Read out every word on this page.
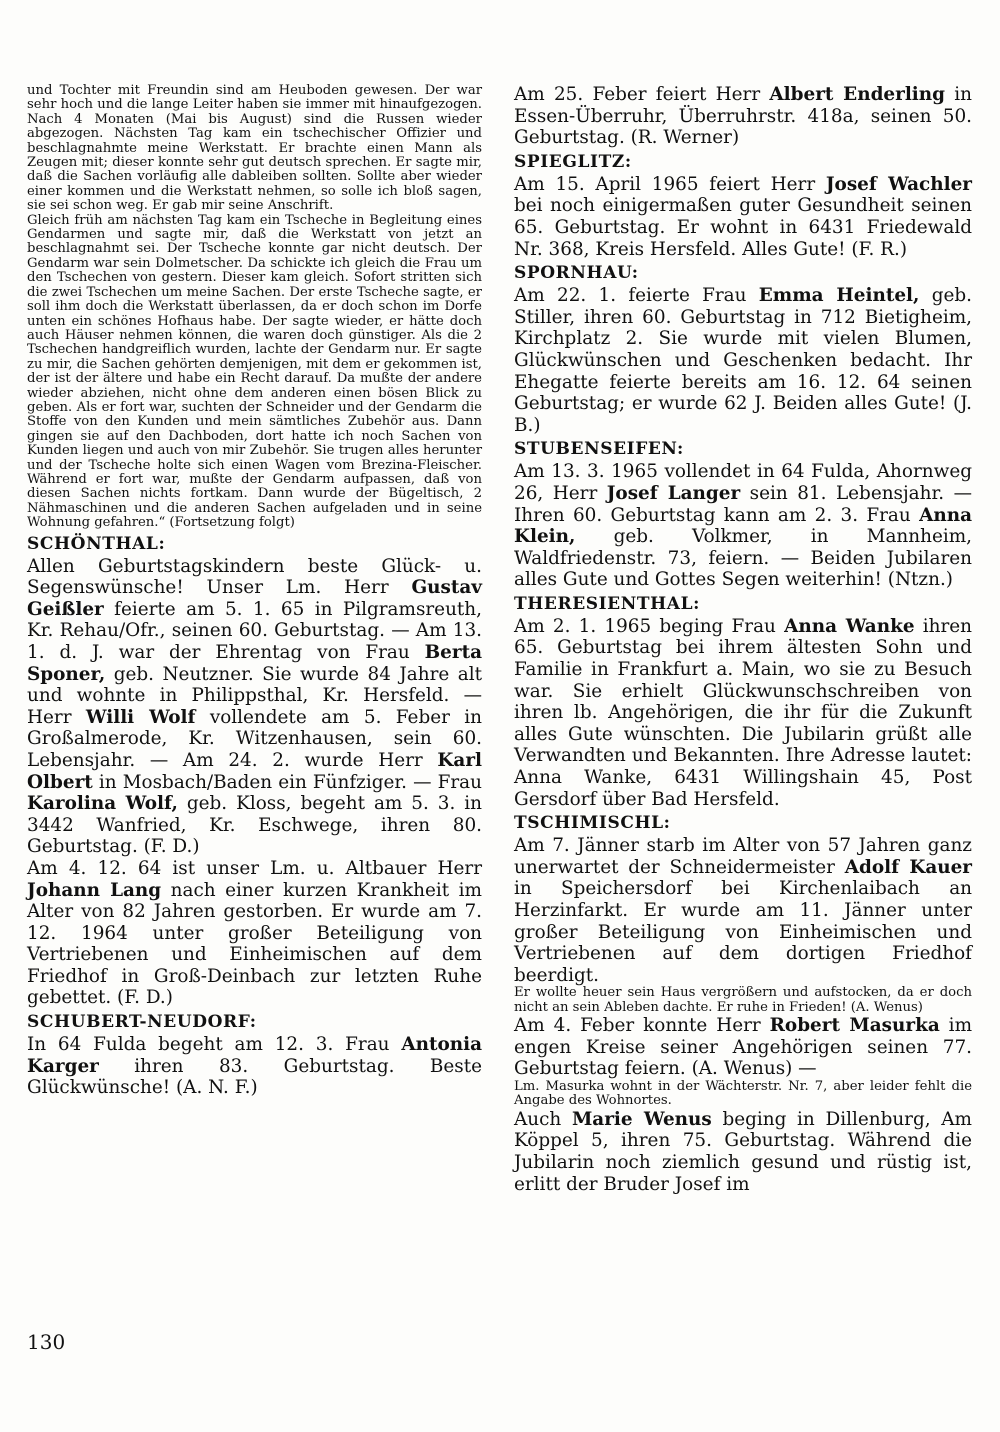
und Tochter mit Freundin sind am Heuboden gewesen. Der war sehr hoch und die lange Leiter haben sie immer mit hinaufgezogen. Nach 4 Monaten (Mai bis August) sind die Russen wieder abgezogen. Nächsten Tag kam ein tschechischer Offizier und beschlagnahmte meine Werkstatt. Er brachte einen Mann als Zeugen mit; dieser konnte sehr gut deutsch sprechen. Er sagte mir, daß die Sachen vorläufig alle dableiben sollten. Sollte aber wieder einer kommen und die Werkstatt nehmen, so solle ich bloß sagen, sie sei schon weg. Er gab mir seine Anschrift.

Gleich früh am nächsten Tag kam ein Tscheche in Begleitung eines Gendarmen und sagte mir, daß die Werkstatt von jetzt an beschlagnahmt sei. Der Tscheche konnte gar nicht deutsch. Der Gendarm war sein Dolmetscher. Da schickte ich gleich die Frau um den Tschechen von gestern. Dieser kam gleich. Sofort stritten sich die zwei Tschechen um meine Sachen. Der erste Tscheche sagte, er soll ihm doch die Werkstatt überlassen, da er doch schon im Dorfe unten ein schönes Hofhaus habe. Der sagte wieder, er hätte doch auch Häuser nehmen können, die waren doch günstiger. Als die 2 Tschechen handgreiflich wurden, lachte der Gendarm nur. Er sagte zu mir, die Sachen gehörten demjenigen, mit dem er gekommen ist, der ist der ältere und habe ein Recht darauf. Da mußte der andere wieder abziehen, nicht ohne dem anderen einen bösen Blick zu geben. Als er fort war, suchten der Schneider und der Gendarm die Stoffe von den Kunden und mein sämtliches Zubehör aus. Dann gingen sie auf den Dachboden, dort hatte ich noch Sachen von Kunden liegen und auch von mir Zubehör. Sie trugen alles herunter und der Tscheche holte sich einen Wagen vom Brezina-Fleischer. Während er fort war, mußte der Gendarm aufpassen, daß von diesen Sachen nichts fortkam. Dann wurde der Bügeltisch, 2 Nähmaschinen und die anderen Sachen aufgeladen und in seine Wohnung gefahren.“ (Fortsetzung folgt)

SCHÖNTHAL:

Allen Geburtstagskindern beste Glück- u. Segenswünsche! Unser Lm. Herr Gustav Geißler feierte am 5. 1. 65 in Pilgramsreuth, Kr. Rehau/Ofr., seinen 60. Geburtstag. — Am 13. 1. d. J. war der Ehrentag von Frau Berta Sponer, geb. Neutzner. Sie wurde 84 Jahre alt und wohnte in Philippsthal, Kr. Hersfeld. — Herr Willi Wolf vollendete am 5. Feber in Großalmerode, Kr. Witzenhausen, sein 60. Lebensjahr. — Am 24. 2. wurde Herr Karl Olbert in Mosbach/Baden ein Fünfziger. — Frau Karolina Wolf, geb. Kloss, begeht am 5. 3. in 3442 Wanfried, Kr. Eschwege, ihren 80. Geburtstag. (F. D.)

Am 4. 12. 64 ist unser Lm. u. Altbauer Herr Johann Lang nach einer kurzen Krankheit im Alter von 82 Jahren gestorben. Er wurde am 7. 12. 1964 unter großer Beteiligung von Vertriebenen und Einheimischen auf dem Friedhof in Groß-Deinbach zur letzten Ruhe gebettet. (F. D.)

SCHUBERT-NEUDORF:

In 64 Fulda begeht am 12. 3. Frau Antonia Karger ihren 83. Geburtstag. Beste Glückwünsche! (A. N. F.)

Am 25. Feber feiert Herr Albert Enderling in Essen-Überruhr, Überruhrstr. 418a, seinen 50. Geburtstag. (R. Werner)

SPIEGLITZ:

Am 15. April 1965 feiert Herr Josef Wachler bei noch einigermaßen guter Gesundheit seinen 65. Geburtstag. Er wohnt in 6431 Friedewald Nr. 368, Kreis Hersfeld. Alles Gute! (F. R.)

SPORNHAU:

Am 22. 1. feierte Frau Emma Heintel, geb. Stiller, ihren 60. Geburtstag in 712 Bietigheim, Kirchplatz 2. Sie wurde mit vielen Blumen, Glückwünschen und Geschenken bedacht. Ihr Ehegatte feierte bereits am 16. 12. 64 seinen Geburtstag; er wurde 62 J. Beiden alles Gute! (J. B.)

STUBENSEIFEN:

Am 13. 3. 1965 vollendet in 64 Fulda, Ahornweg 26, Herr Josef Langer sein 81. Lebensjahr. — Ihren 60. Geburtstag kann am 2. 3. Frau Anna Klein, geb. Volkmer, in Mannheim, Waldfriedenstr. 73, feiern. — Beiden Jubilaren alles Gute und Gottes Segen weiterhin! (Ntzn.)

THERESIENTHAL:

Am 2. 1. 1965 beging Frau Anna Wanke ihren 65. Geburtstag bei ihrem ältesten Sohn und Familie in Frankfurt a. Main, wo sie zu Besuch war. Sie erhielt Glückwunschschreiben von ihren lb. Angehörigen, die ihr für die Zukunft alles Gute wünschten. Die Jubilarin grüßt alle Verwandten und Bekannten. Ihre Adresse lautet: Anna Wanke, 6431 Willingshain 45, Post Gersdorf über Bad Hersfeld.

TSCHIMISCHL:

Am 7. Jänner starb im Alter von 57 Jahren ganz unerwartet der Schneidermeister Adolf Kauer in Speichersdorf bei Kirchenlaibach an Herzinfarkt. Er wurde am 11. Jänner unter großer Beteiligung von Einheimischen und Vertriebenen auf dem dortigen Friedhof beerdigt.

Er wollte heuer sein Haus vergrößern und aufstocken, da er doch nicht an sein Ableben dachte. Er ruhe in Frieden! (A. Wenus)

Am 4. Feber konnte Herr Robert Masurka im engen Kreise seiner Angehörigen seinen 77. Geburtstag feiern. (A. Wenus) —

Lm. Masurka wohnt in der Wächterstr. Nr. 7, aber leider fehlt die Angabe des Wohnortes.

Auch Marie Wenus beging in Dillenburg, Am Köppel 5, ihren 75. Geburtstag. Während die Jubilarin noch ziemlich gesund und rüstig ist, erlitt der Bruder Josef im

130
